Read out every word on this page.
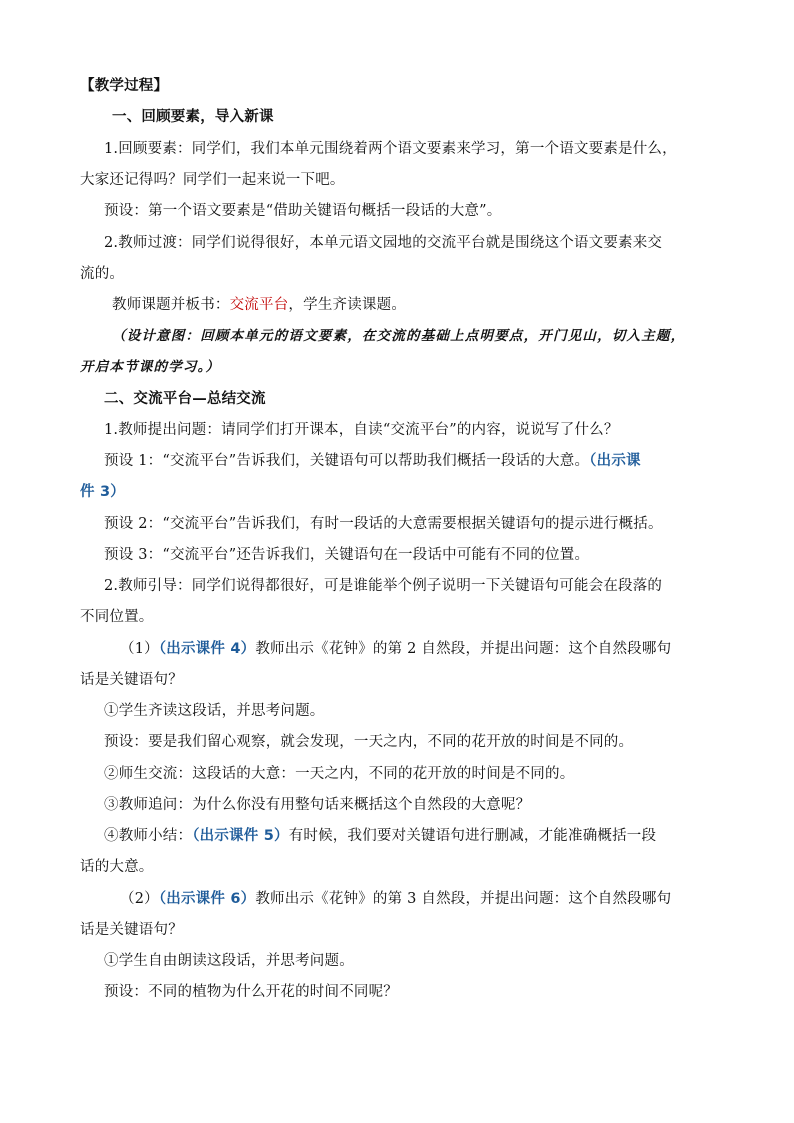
【教学过程】
一、回顾要素，导入新课
1.回顾要素：同学们，我们本单元围绕着两个语文要素来学习，第一个语文要素是什么，
大家还记得吗？同学们一起来说一下吧。
预设：第一个语文要素是“借助关键语句概括一段话的大意”。
2.教师过渡：同学们说得很好，本单元语文园地的交流平台就是围绕这个语文要素来交
流的。
教师课题并板书：交流平台，学生齐读课题。
（设计意图：回顾本单元的语文要素，在交流的基础上点明要点，开门见山，切入主题，
开启本节课的学习。）
二、交流平台—总结交流
1.教师提出问题：请同学们打开课本，自读“交流平台”的内容，说说写了什么？
预设 1：“交流平台”告诉我们，关键语句可以帮助我们概括一段话的大意。（出示课
件 3）
预设 2：“交流平台”告诉我们，有时一段话的大意需要根据关键语句的提示进行概括。
预设 3：“交流平台”还告诉我们，关键语句在一段话中可能有不同的位置。
2.教师引导：同学们说得都很好，可是谁能举个例子说明一下关键语句可能会在段落的
不同位置。
（1）（出示课件 4）教师出示《花钟》的第 2 自然段，并提出问题：这个自然段哪句
话是关键语句？
①学生齐读这段话，并思考问题。
预设：要是我们留心观察，就会发现，一天之内，不同的花开放的时间是不同的。
②师生交流：这段话的大意：一天之内，不同的花开放的时间是不同的。
③教师追问：为什么你没有用整句话来概括这个自然段的大意呢？
④教师小结：（出示课件 5）有时候，我们要对关键语句进行删减，才能准确概括一段
话的大意。
（2）（出示课件 6）教师出示《花钟》的第 3 自然段，并提出问题：这个自然段哪句
话是关键语句？
①学生自由朗读这段话，并思考问题。
预设：不同的植物为什么开花的时间不同呢？
